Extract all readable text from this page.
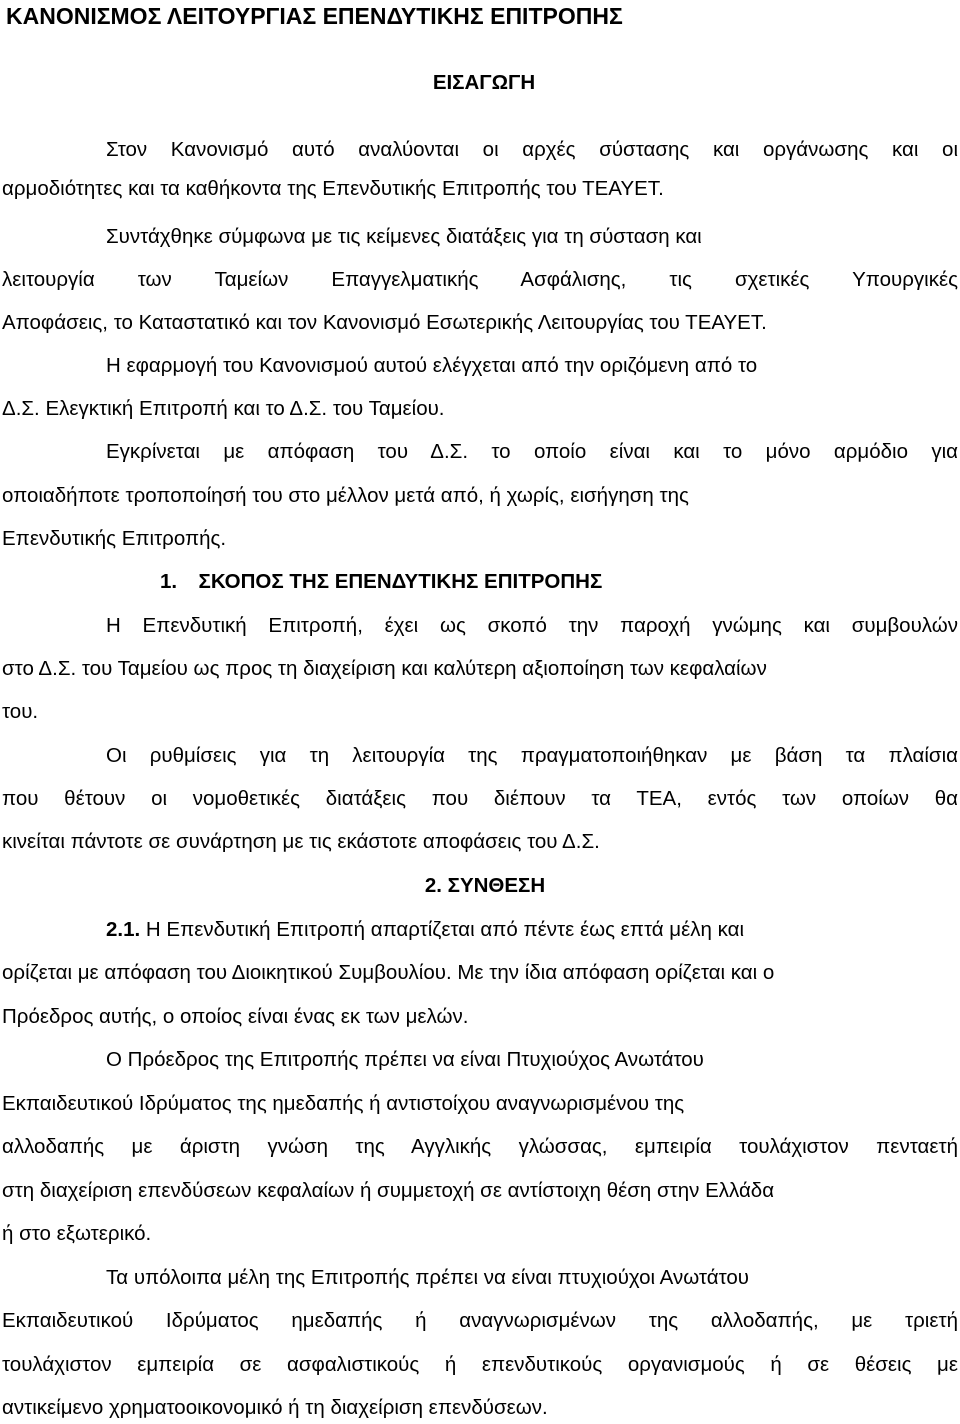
ΚΑΝΟΝΙΣΜΟΣ ΛΕΙΤΟΥΡΓΙΑΣ ΕΠΕΝΔΥΤΙΚΗΣ ΕΠΙΤΡΟΠΗΣ
ΕΙΣΑΓΩΓΗ
Στον Κανονισμό αυτό αναλύονται οι αρχές σύστασης και οργάνωσης και οι
αρμοδιότητες και τα καθήκοντα της Επενδυτικής Επιτροπής του ΤΕΑΥΕΤ.
Συντάχθηκε σύμφωνα με τις κείμενες διατάξεις για τη σύσταση και
λειτουργία των Ταμείων Επαγγελματικής Ασφάλισης, τις σχετικές Υπουργικές
Αποφάσεις, το Καταστατικό και τον Κανονισμό Εσωτερικής Λειτουργίας του ΤΕΑΥΕΤ.
Η εφαρμογή του Κανονισμού αυτού ελέγχεται από την οριζόμενη από το
Δ.Σ. Ελεγκτική Επιτροπή και το Δ.Σ. του Ταμείου.
Εγκρίνεται με απόφαση του Δ.Σ. το οποίο είναι και το μόνο αρμόδιο για
οποιαδήποτε τροποποίησή του στο μέλλον μετά από, ή χωρίς, εισήγηση της
Επενδυτικής Επιτροπής.
1. ΣΚΟΠΟΣ ΤΗΣ ΕΠΕΝΔΥΤΙΚΗΣ ΕΠΙΤΡΟΠΗΣ
Η Επενδυτική Επιτροπή, έχει ως σκοπό την παροχή γνώμης και συμβουλών
στο Δ.Σ. του Ταμείου ως προς τη διαχείριση και καλύτερη αξιοποίηση των κεφαλαίων
του.
Οι ρυθμίσεις για τη λειτουργία της πραγματοποιήθηκαν με βάση τα πλαίσια
που θέτουν οι νομοθετικές διατάξεις που διέπουν τα ΤΕΑ, εντός των οποίων θα
κινείται πάντοτε σε συνάρτηση με τις εκάστοτε αποφάσεις του Δ.Σ.
2. ΣΥΝΘΕΣΗ
2.1. Η Επενδυτική Επιτροπή απαρτίζεται από πέντε έως επτά μέλη και
ορίζεται με απόφαση του Διοικητικού Συμβουλίου. Με την ίδια απόφαση ορίζεται και ο
Πρόεδρος αυτής, ο οποίος είναι ένας εκ των μελών.
Ο Πρόεδρος της Επιτροπής πρέπει να είναι Πτυχιούχος Ανωτάτου
Εκπαιδευτικού Ιδρύματος της ημεδαπής ή αντιστοίχου αναγνωρισμένου της
αλλοδαπής με άριστη γνώση της Αγγλικής γλώσσας, εμπειρία τουλάχιστον πενταετή
στη διαχείριση επενδύσεων κεφαλαίων ή συμμετοχή σε αντίστοιχη θέση στην Ελλάδα
ή στο εξωτερικό.
Τα υπόλοιπα μέλη της Επιτροπής πρέπει να είναι πτυχιούχοι Ανωτάτου
Εκπαιδευτικού Ιδρύματος ημεδαπής ή αναγνωρισμένων της αλλοδαπής, με τριετή
τουλάχιστον εμπειρία σε ασφαλιστικούς ή επενδυτικούς οργανισμούς ή σε θέσεις με
αντικείμενο χρηματοοικονομικό ή τη διαχείριση επενδύσεων.
